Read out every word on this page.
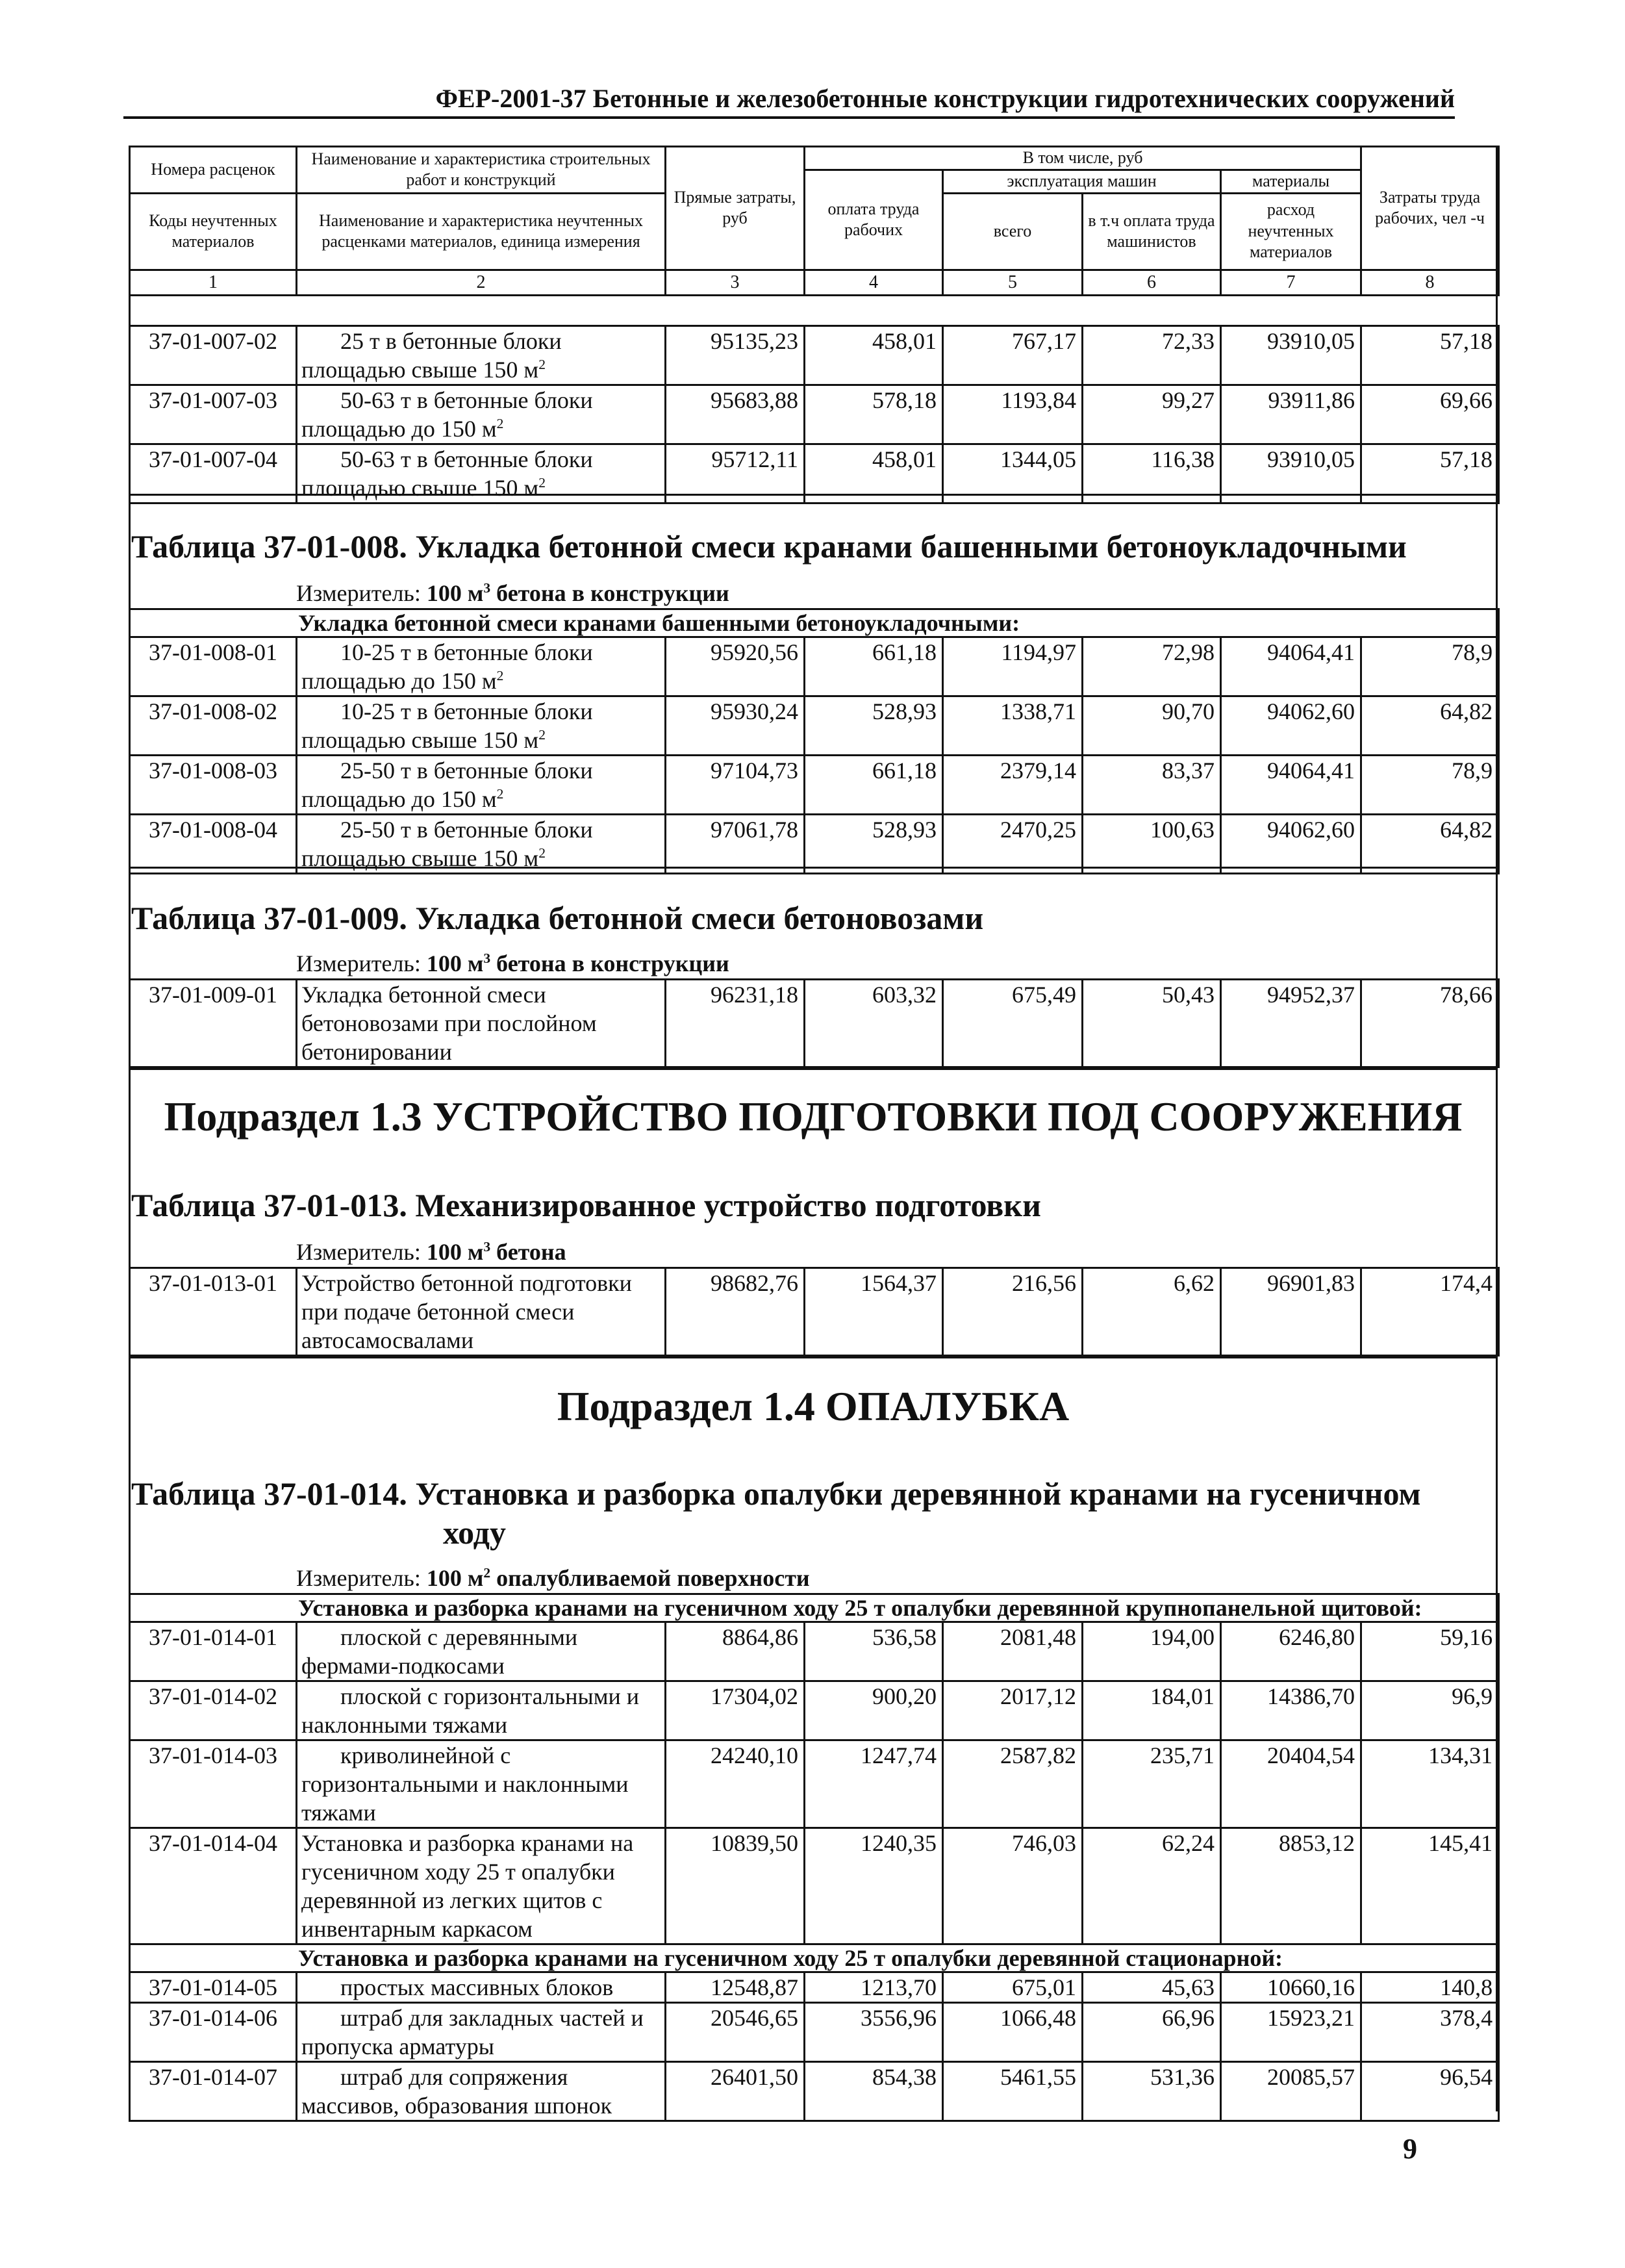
ФЕР-2001-37 Бетонные и железобетонные конструкции гидротехнических сооружений
Номера расценок	Наименование и характеристика строительных работ и конструкций	Прямые затраты, руб	В том числе, руб				Затраты труда рабочих, чел -ч
			оплата труда рабочих	эксплуатация машин		материалы	
Коды неучтенных материалов	Наименование и характеристика неучтенных расценками материалов, единица измерения			всего	в т.ч оплата труда машинистов	расход неучтенных материалов	

1	2	3	4	5	6	7	8
37-01-007-02	25 т в бетонные блоки
площадью свыше 150 $м^2$	95135,23	458,01	767,17	72,33	93910,05	57,18
37-01-007-03	50-63 т в бетонные блоки
площадью до 150 $м^2$	95683,88	578,18	1193,84	99,27	93911,86	69,66
37-01-007-04	50-63 т в бетонные блоки
площадью свыше 150 $м^2$	95712,11	458,01	1344,05	116,38	93910,05	57,18
Таблица 37-01-008. Укладка бетонной смеси кранами башенными бетоноукладочными
Измеритель: 100 $м^3$ бетона в конструкции
Укладка бетонной смеси кранами башенными бетоноукладочными:							
37-01-008-01	10-25 т в бетонные блоки
площадью до 150 $м^2$	95920,56	661,18	1194,97	72,98	94064,41	78,9
37-01-008-02	10-25 т в бетонные блоки
площадью свыше 150 $м^2$	95930,24	528,93	1338,71	90,70	94062,60	64,82
37-01-008-03	25-50 т в бетонные блоки
площадью до 150 $м^2$	97104,73	661,18	2379,14	83,37	94064,41	78,9
37-01-008-04	25-50 т в бетонные блоки
площадью свыше 150 $м^2$	97061,78	528,93	2470,25	100,63	94062,60	64,82
Таблица 37-01-009. Укладка бетонной смеси бетоновозами
Измеритель: 100 $м^3$ бетона в конструкции
37-01-009-01	Укладка бетонной смеси
бетоновозами при послойном
бетонировании	96231,18	603,32	675,49	50,43	94952,37	78,66
Подраздел 1.3 УСТРОЙСТВО ПОДГОТОВКИ ПОД СООРУЖЕНИЯ
Таблица 37-01-013. Механизированное устройство подготовки
Измеритель: 100 $м^3$ бетона
37-01-013-01	Устройство бетонной подготовки
при подаче бетонной смеси
автосамосвалами	98682,76	1564,37	216,56	6,62	96901,83	174,4
Подраздел 1.4 ОПАЛУБКА
Таблица 37-01-014. Установка и разборка опалубки деревянной кранами на гусеничном
ходу
Измеритель: 100 $м^2$ опалубливаемой поверхности
Установка и разборка кранами на гусеничном ходу 25 т опалубки деревянной крупнопанельной щитовой:							
37-01-014-01	плоской с деревянными
фермами-подкосами	8864,86	536,58	2081,48	194,00	6246,80	59,16
37-01-014-02	плоской с горизонтальными и
наклонными тяжами	17304,02	900,20	2017,12	184,01	14386,70	96,9
37-01-014-03	криволинейной с
горизонтальными и наклонными
тяжами	24240,10	1247,74	2587,82	235,71	20404,54	134,31
37-01-014-04	Установка и разборка кранами на
гусеничном ходу 25 т опалубки
деревянной из легких щитов с
инвентарным каркасом	10839,50	1240,35	746,03	62,24	8853,12	145,41
Установка и разборка кранами на гусеничном ходу 25 т опалубки деревянной стационарной:							
37-01-014-05	простых массивных блоков	12548,87	1213,70	675,01	45,63	10660,16	140,8
37-01-014-06	штраб для закладных частей и
пропуска арматуры	20546,65	3556,96	1066,48	66,96	15923,21	378,4
37-01-014-07	штраб для сопряжения
массивов, образования шпонок	26401,50	854,38	5461,55	531,36	20085,57	96,54
9
